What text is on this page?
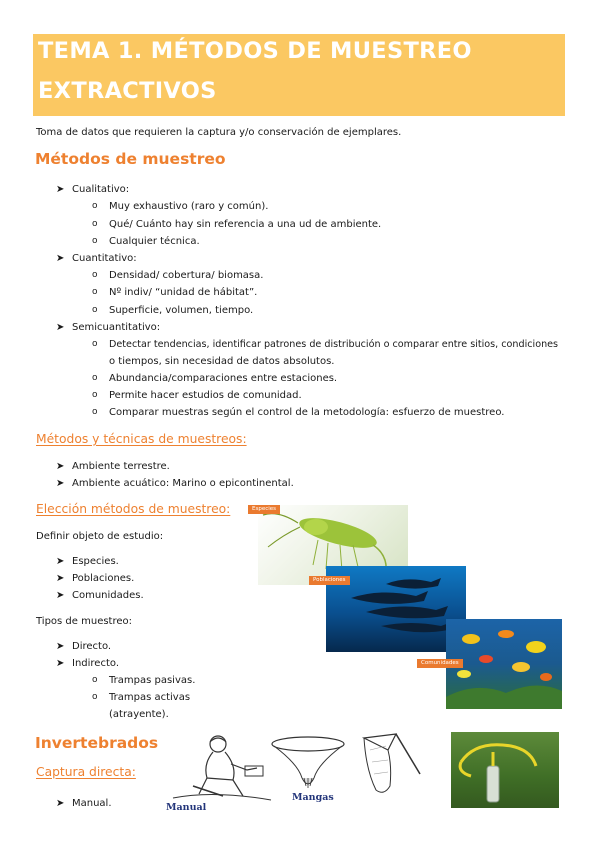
TEMA 1. MÉTODOS DE MUESTREO
EXTRACTIVOS
Toma de datos que requieren la captura y/o conservación de ejemplares.
Métodos de muestreo
➤ Cualitativo:
o Muy exhaustivo (raro y común).
o Qué/ Cuánto hay sin referencia a una ud de ambiente.
o Cualquier técnica.
➤ Cuantitativo:
o Densidad/ cobertura/ biomasa.
o Nº indiv/ “unidad de hábitat”.
o Superficie, volumen, tiempo.
➤ Semicuantitativo:
o Detectar tendencias, identificar patrones de distribución o comparar entre sitios, condiciones
o tiempos, sin necesidad de datos absolutos.
o Abundancia/comparaciones entre estaciones.
o Permite hacer estudios de comunidad.
o Comparar muestras según el control de la metodología: esfuerzo de muestreo.
Métodos y técnicas de muestreos:
➤ Ambiente terrestre.
➤ Ambiente acuático: Marino o epicontinental.
Elección métodos de muestreo:
Definir objeto de estudio:
➤ Especies.
➤ Poblaciones.
➤ Comunidades.
Tipos de muestreo:
➤ Directo.
➤ Indirecto.
o Trampas pasivas.
o Trampas activas
(atrayente).
Especies
Poblaciones
Comunidades
Invertebrados
Captura directa:
➤ Manual.	Manual
Mangas
